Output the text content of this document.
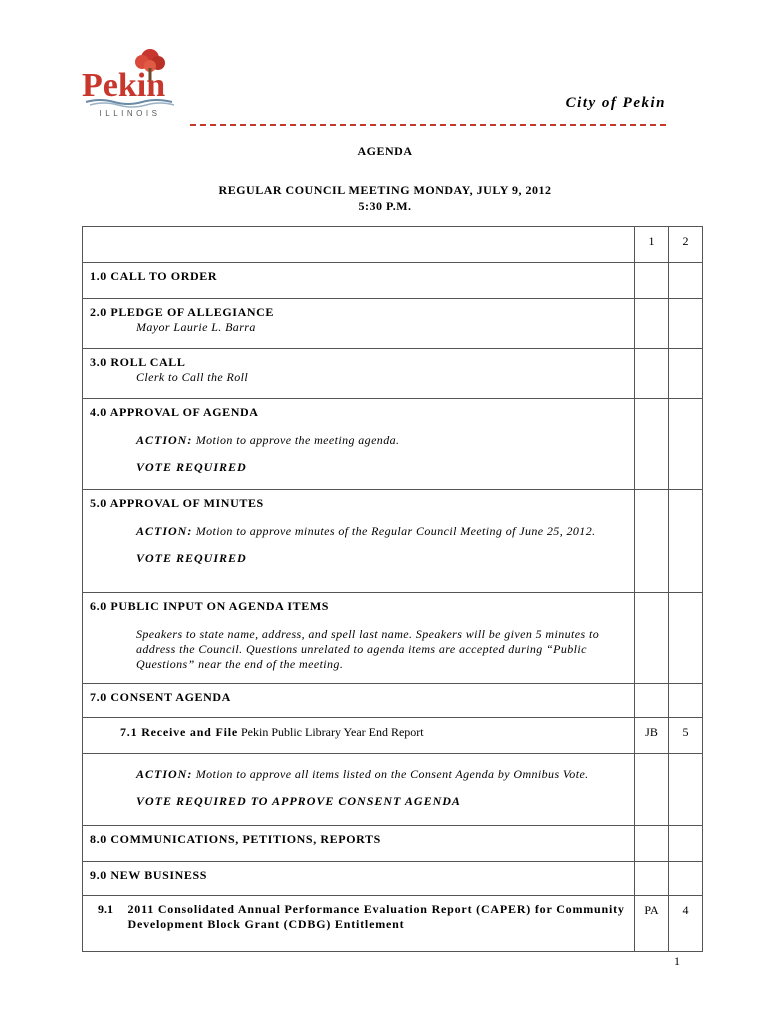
Pekin
ILLINOIS
City of Pekin
AGENDA
REGULAR COUNCIL MEETING MONDAY, JULY 9, 2012
5:30 P.M.
	1	2

1.0 CALL TO ORDER		

2.0 PLEDGE OF ALLEGIANCE
Mayor Laurie L. Barra		

3.0 ROLL CALL
Clerk to Call the Roll		

4.0 APPROVAL OF AGENDA
ACTION: Motion to approve the meeting agenda.
VOTE REQUIRED		

5.0 APPROVAL OF MINUTES
ACTION: Motion to approve minutes of the Regular Council Meeting of June 25, 2012.
VOTE REQUIRED		

6.0 PUBLIC INPUT ON AGENDA ITEMS
Speakers to state name, address, and spell last name. Speakers will be given 5 minutes to address the Council. Questions unrelated to agenda items are accepted during “Public Questions” near the end of the meeting.		

7.0 CONSENT AGENDA		

7.1 Receive and File Pekin Public Library Year End Report	JB	5

ACTION: Motion to approve all items listed on the Consent Agenda by Omnibus Vote.
VOTE REQUIRED TO APPROVE CONSENT AGENDA		

8.0 COMMUNICATIONS, PETITIONS, REPORTS		

9.0 NEW BUSINESS		

9.1 2011 Consolidated Annual Performance Evaluation Report (CAPER) for Community Development Block Grant (CDBG) Entitlement	PA	4
1
